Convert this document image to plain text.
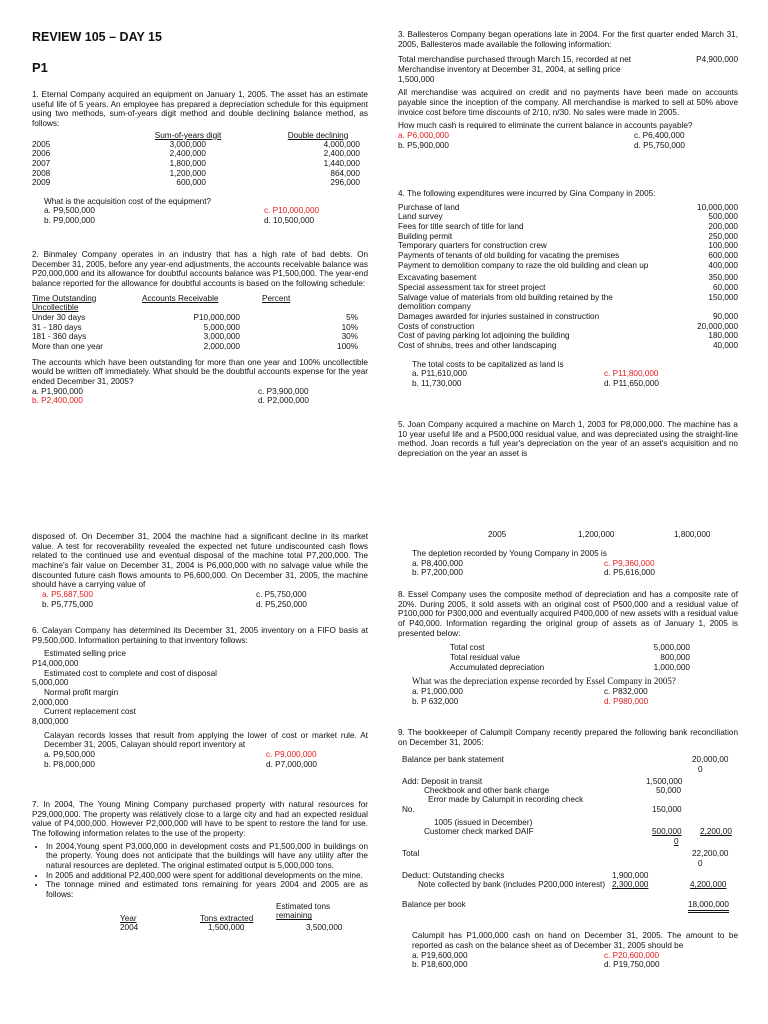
REVIEW 105 – DAY 15
P1
1. Eternal Company acquired an equipment on January 1, 2005. The asset has an estimate useful life of 5 years. An employee has prepared a depreciation schedule for this equipment using two methods, sum-of-years digit method and double declining balance method, as follows:
Sum-of-years digit	Double declining
2005	3,000,000	4,000,000
2006	2,400,000	2,400,000
2007	1,800,000	1,440,000
2008	1,200,000	864,000
2009	600,000	296,000
What is the acquisition cost of the equipment?
a. P9,500,000	c. P10,000,000
b. P9,000,000	d. 10,500,000
2. Binmaley Company operates in an industry that has a high rate of bad debts. On December 31, 2005, before any year-end adjustments, the accounts receivable balance was P20,000,000 and its allowance for doubtful accounts balance was P1,500,000. The year-end balance reported for the allowance for doubtful accounts is based on the following schedule:
Time Outstanding	Accounts Receivable	Percent
Uncollectible
Under 30 days	P10,000,000	5%
31 - 180 days	5,000,000	10%
181 - 360 days	3,000,000	30%
More than one year	2,000,000	100%
The accounts which have been outstanding for more than one year and 100% uncollectible would be written off immediately. What should be the doubtful accounts expense for the year ended December 31, 2005?
a. P1,900,000	c. P3,900,000
b. P2,400,000	d. P2,000,000
3. Ballesteros Company began operations late in 2004. For the first quarter ended March 31, 2005, Ballesteros made available the following information:
Total merchandise purchased through March 15, recorded at net	P4,900,000
Merchandise inventory at December 31, 2004, at selling price
1,500,000
All merchandise was acquired on credit and no payments have been made on accounts payable since the inception of the company. All merchandise is marked to sell at 50% above invoice cost before time discounts of 2/10, n/30. No sales were made in 2005.
How much cash is required to eliminate the current balance in accounts payable?
a. P6,000,000	c. P6,400,000
b. P5,900,000	d. P5,750,000
4. The following expenditures were incurred by Gina Company in 2005:
Purchase of land	10,000,000
Land survey	500,000
Fees for title search of title for land	200,000
Building permit	250,000
Temporary quarters for construction crew	100,000
Payments of tenants of old building for vacating the premises	600,000
Payment to demolition company to raze the old building and clean up	400,000
Excavating basement	350,000
Special assessment tax for street project	60,000
Salvage value of materials from old building retained by the demolition company
150,000
Damages awarded for injuries sustained in construction	90,000
Costs of construction	20,000,000
Cost of paving parking lot adjoining the building	180,000
Cost of shrubs, trees and other landscaping	40,000
The total costs to be capitalized as land is
a. P11,610,000	c. P11,800,000
b. 11,730,000	d. P11,650,000
5. Joan Company acquired a machine on March 1, 2003 for P8,000,000. The machine has a 10 year useful life and a P500,000 residual value, and was depreciated using the straight-line method. Joan records a full year's depreciation on the year of an asset's acquisition and no depreciation on the year an asset is
disposed of. On December 31, 2004 the machine had a significant decline in its market value. A test for recoverability revealed the expected net future undiscounted cash flows related to the continued use and eventual disposal of the machine total P7,200,000. The machine's fair value on December 31, 2004 is P6,000,000 with no salvage value while the discounted future cash flows amounts to P6,600,000. On December 31, 2005, the machine should have a carrying value of
a. P5,687,500	c. P5,750,000
b. P5,775,000	d. P5,250,000
6. Calayan Company has determined its December 31, 2005 inventory on a FIFO basis at P9,500,000. Information pertaining to that inventory follows:
Estimated selling price
P14,000,000
Estimated cost to complete and cost of disposal
5,000,000
Normal profit margin
2,000,000
Current replacement cost
8,000,000
Calayan records losses that result from applying the lower of cost or market rule. At December 31, 2005, Calayan should report inventory at
a. P9,500,000	c. P9,000,000
b. P8,000,000	d. P7,000,000
7. In 2004, The Young Mining Company purchased property with natural resources for P29,000,000. The property was relatively close to a large city and had an expected residual value of P4,000,000. However P2,000,000 will have to be spent to restore the land for use. The following information relates to the use of the property:
• In 2004,Young spent P3,000,000 in development costs and P1,500,000 in buildings on the property. Young does not anticipate that the buildings will have any utility after the natural resources are depleted. The original estimated output is 5,000,000 tons.
• In 2005 and additional P2,400,000 were spent for additional developments on the mine.
• The tonnage mined and estimated tons remaining for years 2004 and 2005 are as follows:
Estimated tons remaining
Year	Tons extracted
2004	1,500,000	3,500,000
2005	1,200,000	1,800,000
The depletion recorded by Young Company in 2005 is
a. P8,400,000	c. P9,360,000
b. P7,200,000	d. P5,616,000
8. Essel Company uses the composite method of depreciation and has a composite rate of 20%. During 2005, it sold assets with an original cost of P500,000 and a residual value of P100,000 for P300,000 and eventually acquired P400,000 of new assets with a residual value of P40,000. Information regarding the original group of assets as of January 1, 2005 is presented below:
Total cost	5,000,000
Total residual value	800,000
Accumulated depreciation	1,000,000
What was the depreciation expense recorded by Essel Company in 2005?
a. P1,000,000	c. P832,000
b. P 632,000	d. P980,000
9. The bookkeeper of Calumpit Company recently prepared the following bank reconciliation on December 31, 2005:
Balance per bank statement	20,000,00
0
Add: Deposit in transit	1,500,000
Checkbook and other bank charge	50,000
Error made by Calumpit in recording check
No.	150,000
1005 (issued in December)
Customer check marked DAIF	500,000 2,200,00
0
Total	22,200,00
0
Deduct: Outstanding checks	1,900,000
Note collected by bank (includes P200,000 interest) 2,300,000	4,200,000
Balance per book	18,000,000
Calumpit has P1,000,000 cash on hand on December 31, 2005. The amount to be reported as cash on the balance sheet as of December 31, 2005 should be
a. P19,600,000	c. P20,600,000
b. P18,600,000	d. P19,750,000
